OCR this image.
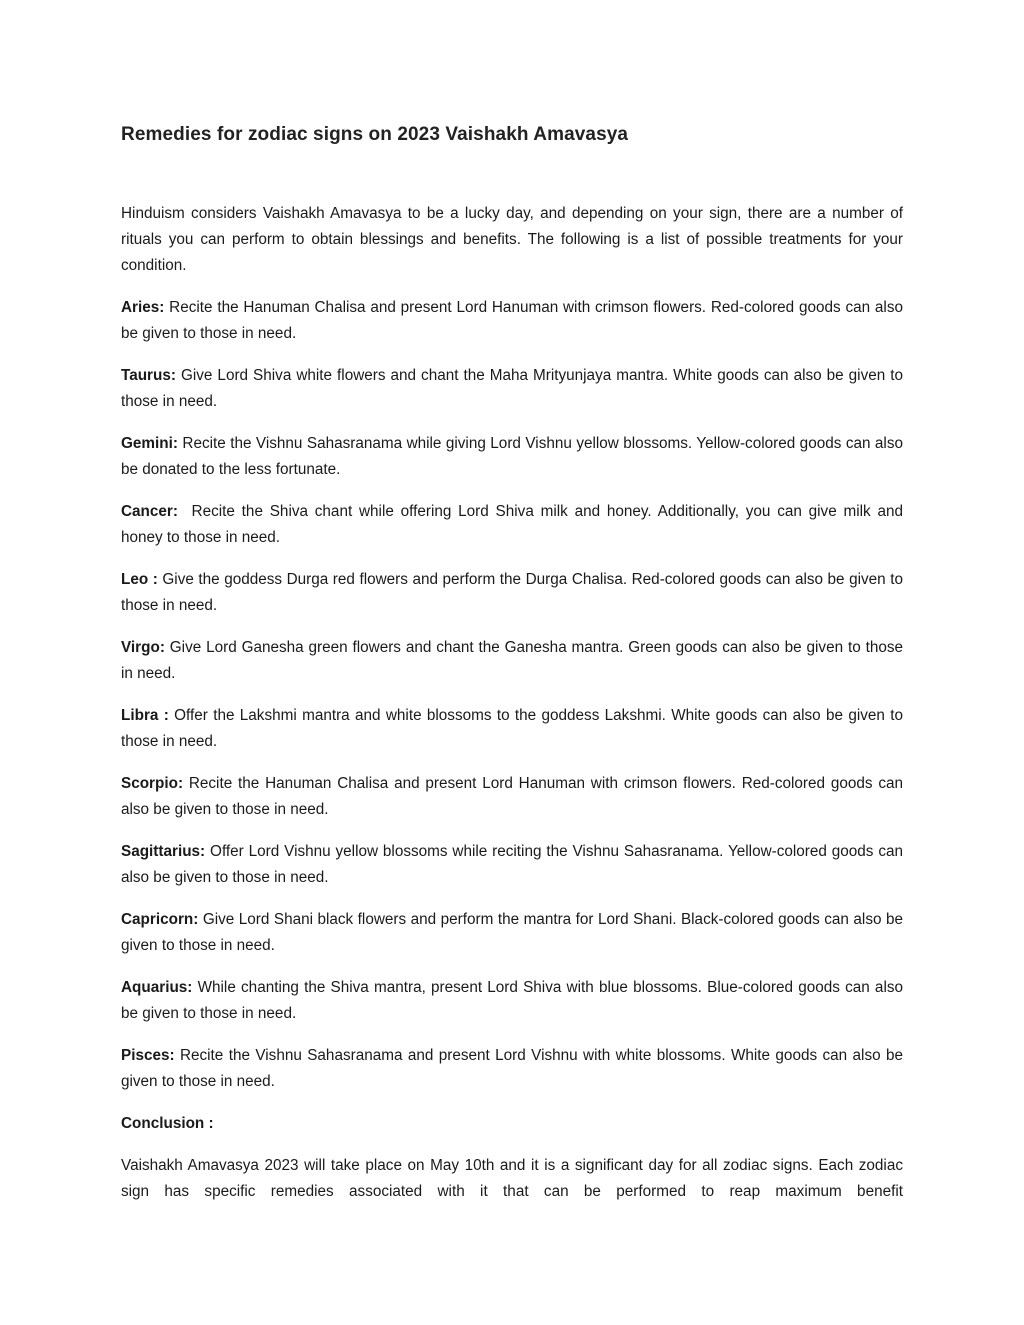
Remedies for zodiac signs on 2023 Vaishakh Amavasya

Hinduism considers Vaishakh Amavasya to be a lucky day, and depending on your sign, there are a number of rituals you can perform to obtain blessings and benefits. The following is a list of possible treatments for your condition.

Aries: Recite the Hanuman Chalisa and present Lord Hanuman with crimson flowers. Red-colored goods can also be given to those in need.

Taurus: Give Lord Shiva white flowers and chant the Maha Mrityunjaya mantra. White goods can also be given to those in need.

Gemini: Recite the Vishnu Sahasranama while giving Lord Vishnu yellow blossoms. Yellow-colored goods can also be donated to the less fortunate.

Cancer:  Recite the Shiva chant while offering Lord Shiva milk and honey. Additionally, you can give milk and honey to those in need.

Leo : Give the goddess Durga red flowers and perform the Durga Chalisa. Red-colored goods can also be given to those in need.

Virgo: Give Lord Ganesha green flowers and chant the Ganesha mantra. Green goods can also be given to those in need.

Libra : Offer the Lakshmi mantra and white blossoms to the goddess Lakshmi. White goods can also be given to those in need.

Scorpio: Recite the Hanuman Chalisa and present Lord Hanuman with crimson flowers. Red-colored goods can also be given to those in need.

Sagittarius: Offer Lord Vishnu yellow blossoms while reciting the Vishnu Sahasranama. Yellow-colored goods can also be given to those in need.

Capricorn: Give Lord Shani black flowers and perform the mantra for Lord Shani. Black-colored goods can also be given to those in need.

Aquarius: While chanting the Shiva mantra, present Lord Shiva with blue blossoms. Blue-colored goods can also be given to those in need.

Pisces: Recite the Vishnu Sahasranama and present Lord Vishnu with white blossoms. White goods can also be given to those in need.

Conclusion :

Vaishakh Amavasya 2023 will take place on May 10th and it is a significant day for all zodiac signs. Each zodiac sign has specific remedies associated with it that can be performed to reap maximum benefit
